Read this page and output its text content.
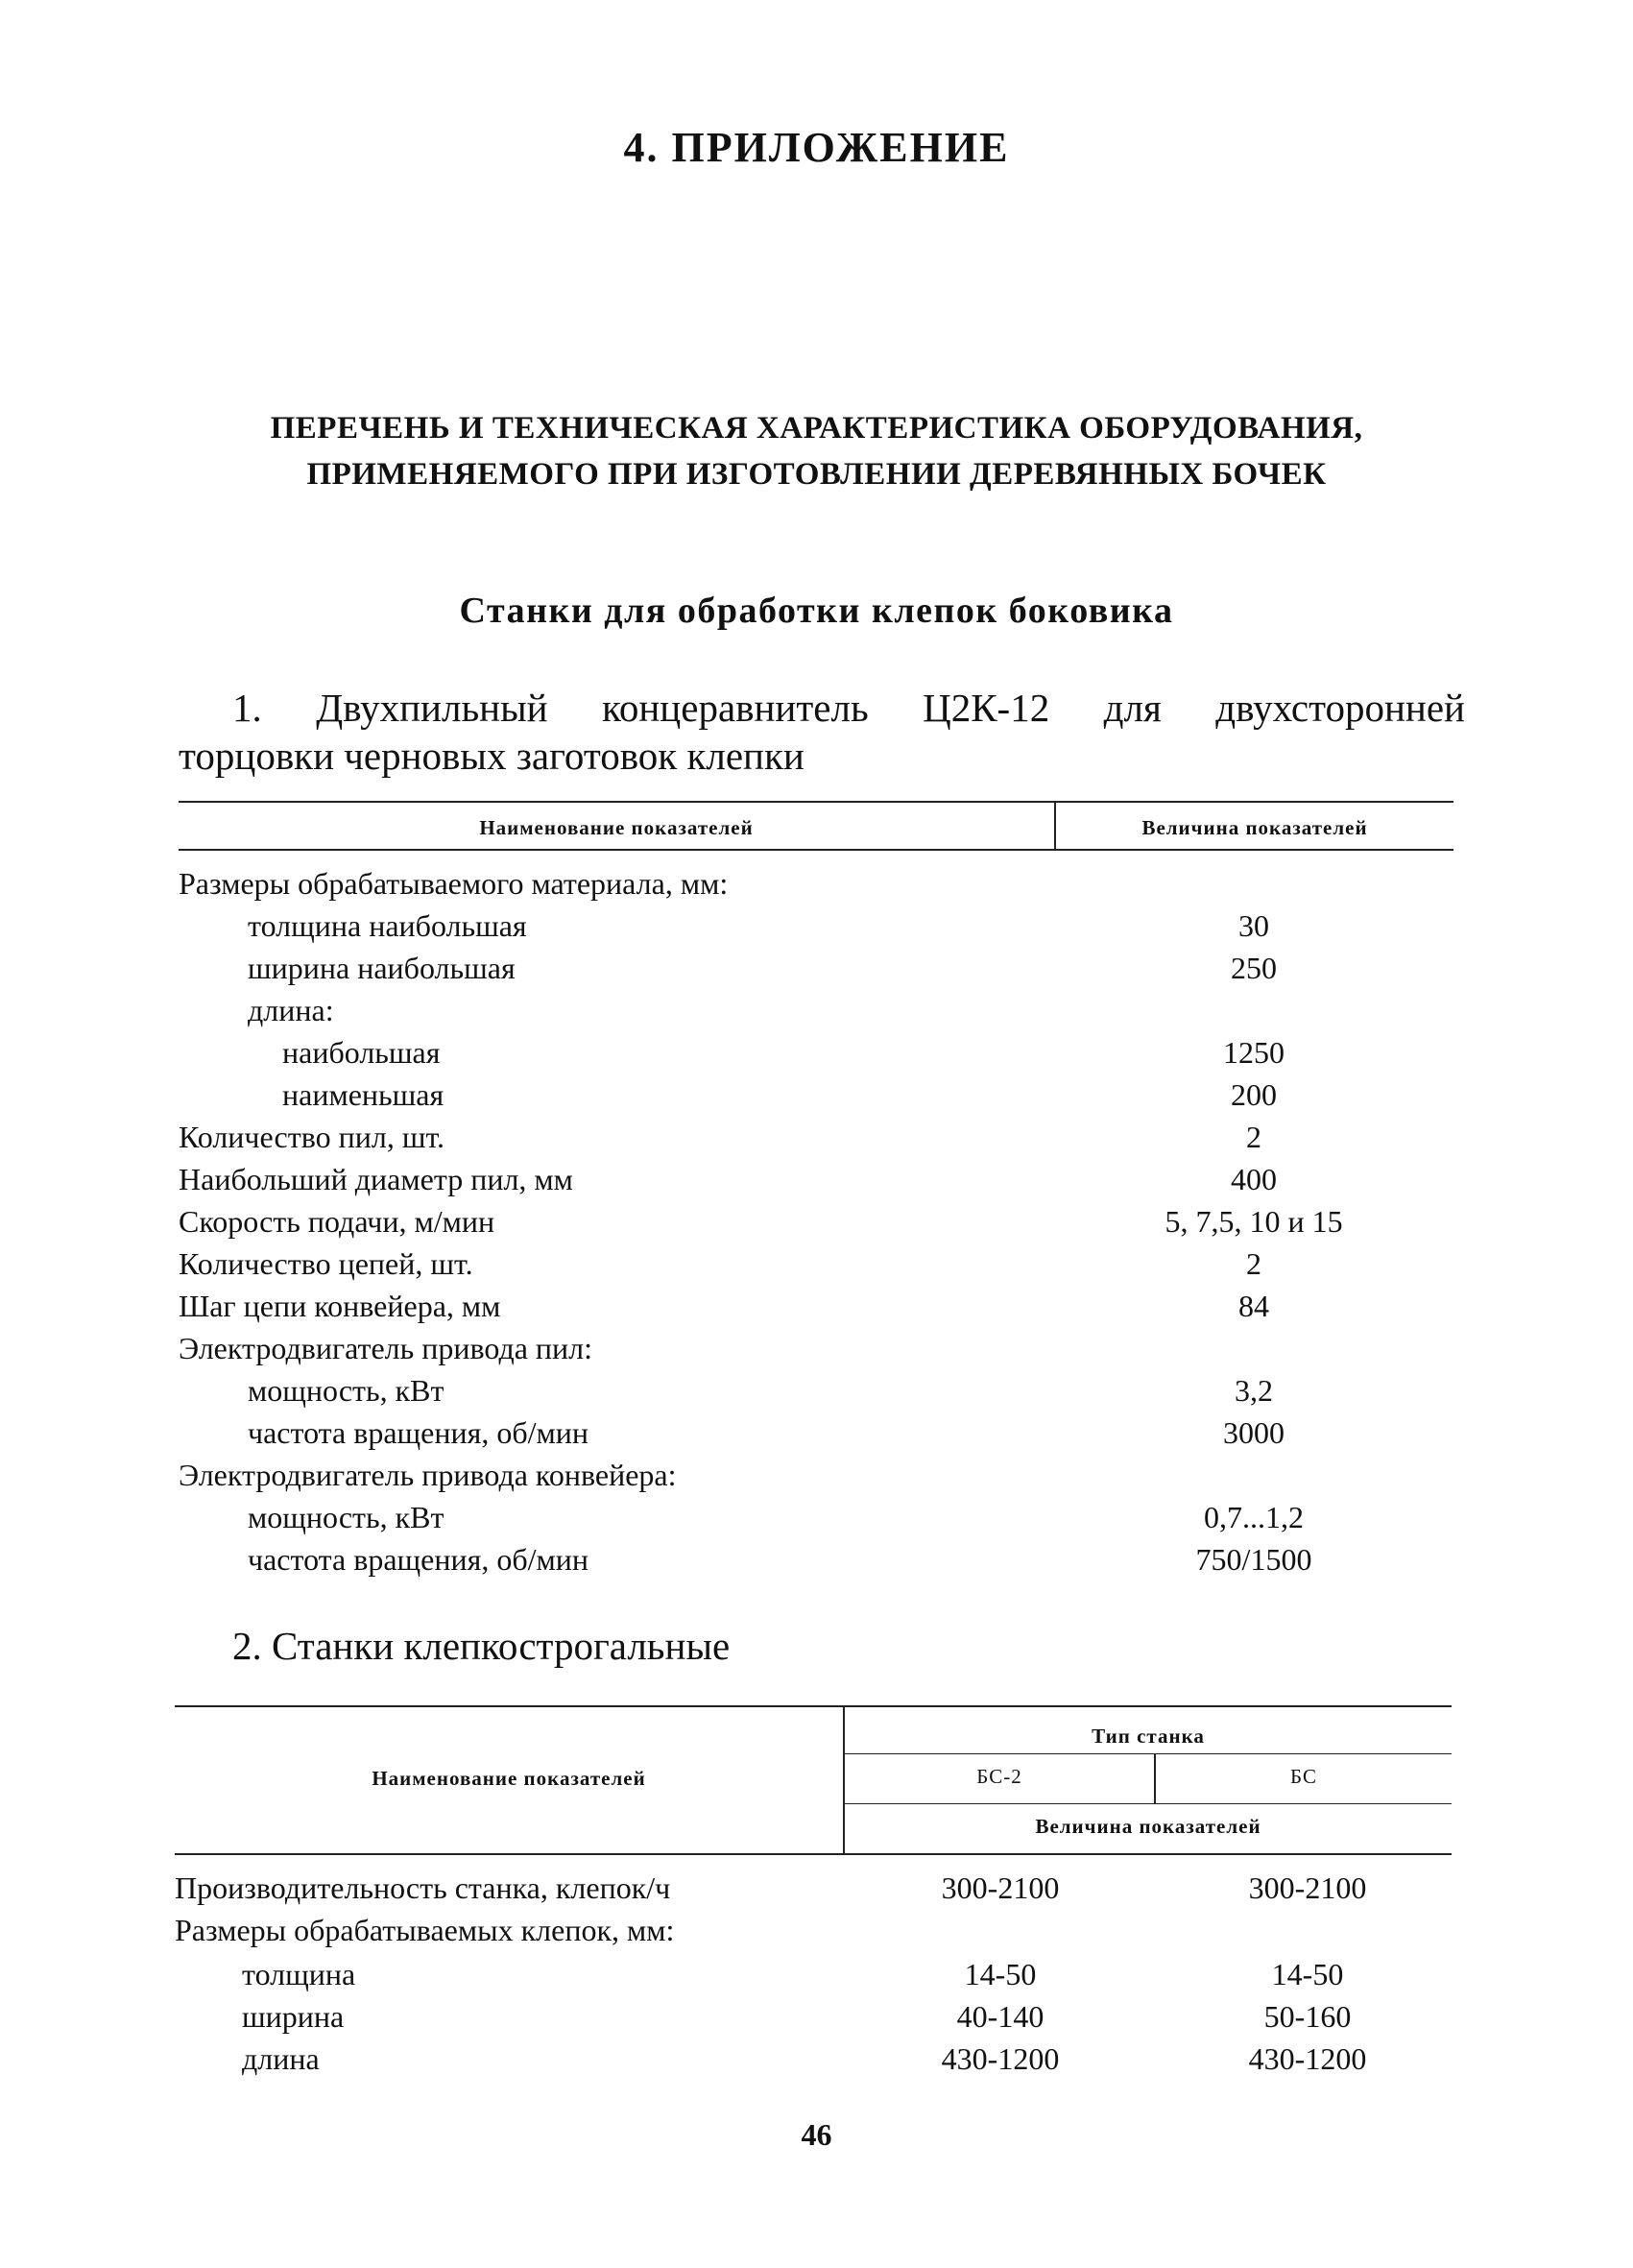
4. ПРИЛОЖЕНИЕ
ПЕРЕЧЕНЬ И ТЕХНИЧЕСКАЯ ХАРАКТЕРИСТИКА ОБОРУДОВАНИЯ,
ПРИМЕНЯЕМОГО ПРИ ИЗГОТОВЛЕНИИ ДЕРЕВЯННЫХ БОЧЕК
Станки для обработки клепок боковика
1. Двухпильный концеравнитель Ц2К-12 для двухсторонней
торцовки черновых заготовок клепки
Наименование показателей	Величина показателей
Размеры обрабатываемого материала, мм:
толщина наибольшая	30
ширина наибольшая	250
длина:
наибольшая	1250
наименьшая	200
Количество пил, шт.	2
Наибольший диаметр пил, мм	400
Скорость подачи, м/мин	5, 7,5, 10 и 15
Количество цепей, шт.	2
Шаг цепи конвейера, мм	84
Электродвигатель привода пил:
мощность, кВт	3,2
частота вращения, об/мин	3000
Электродвигатель привода конвейера:
мощность, кВт	0,7...1,2
частота вращения, об/мин	750/1500
2. Станки клепкострогальные
Наименование показателей
Тип станка
БС-2	БС
Величина показателей
Производительность станка, клепок/ч	300-2100	300-2100
Размеры обрабатываемых клепок, мм:
толщина	14-50	14-50
ширина	40-140	50-160
длина	430-1200	430-1200
46
